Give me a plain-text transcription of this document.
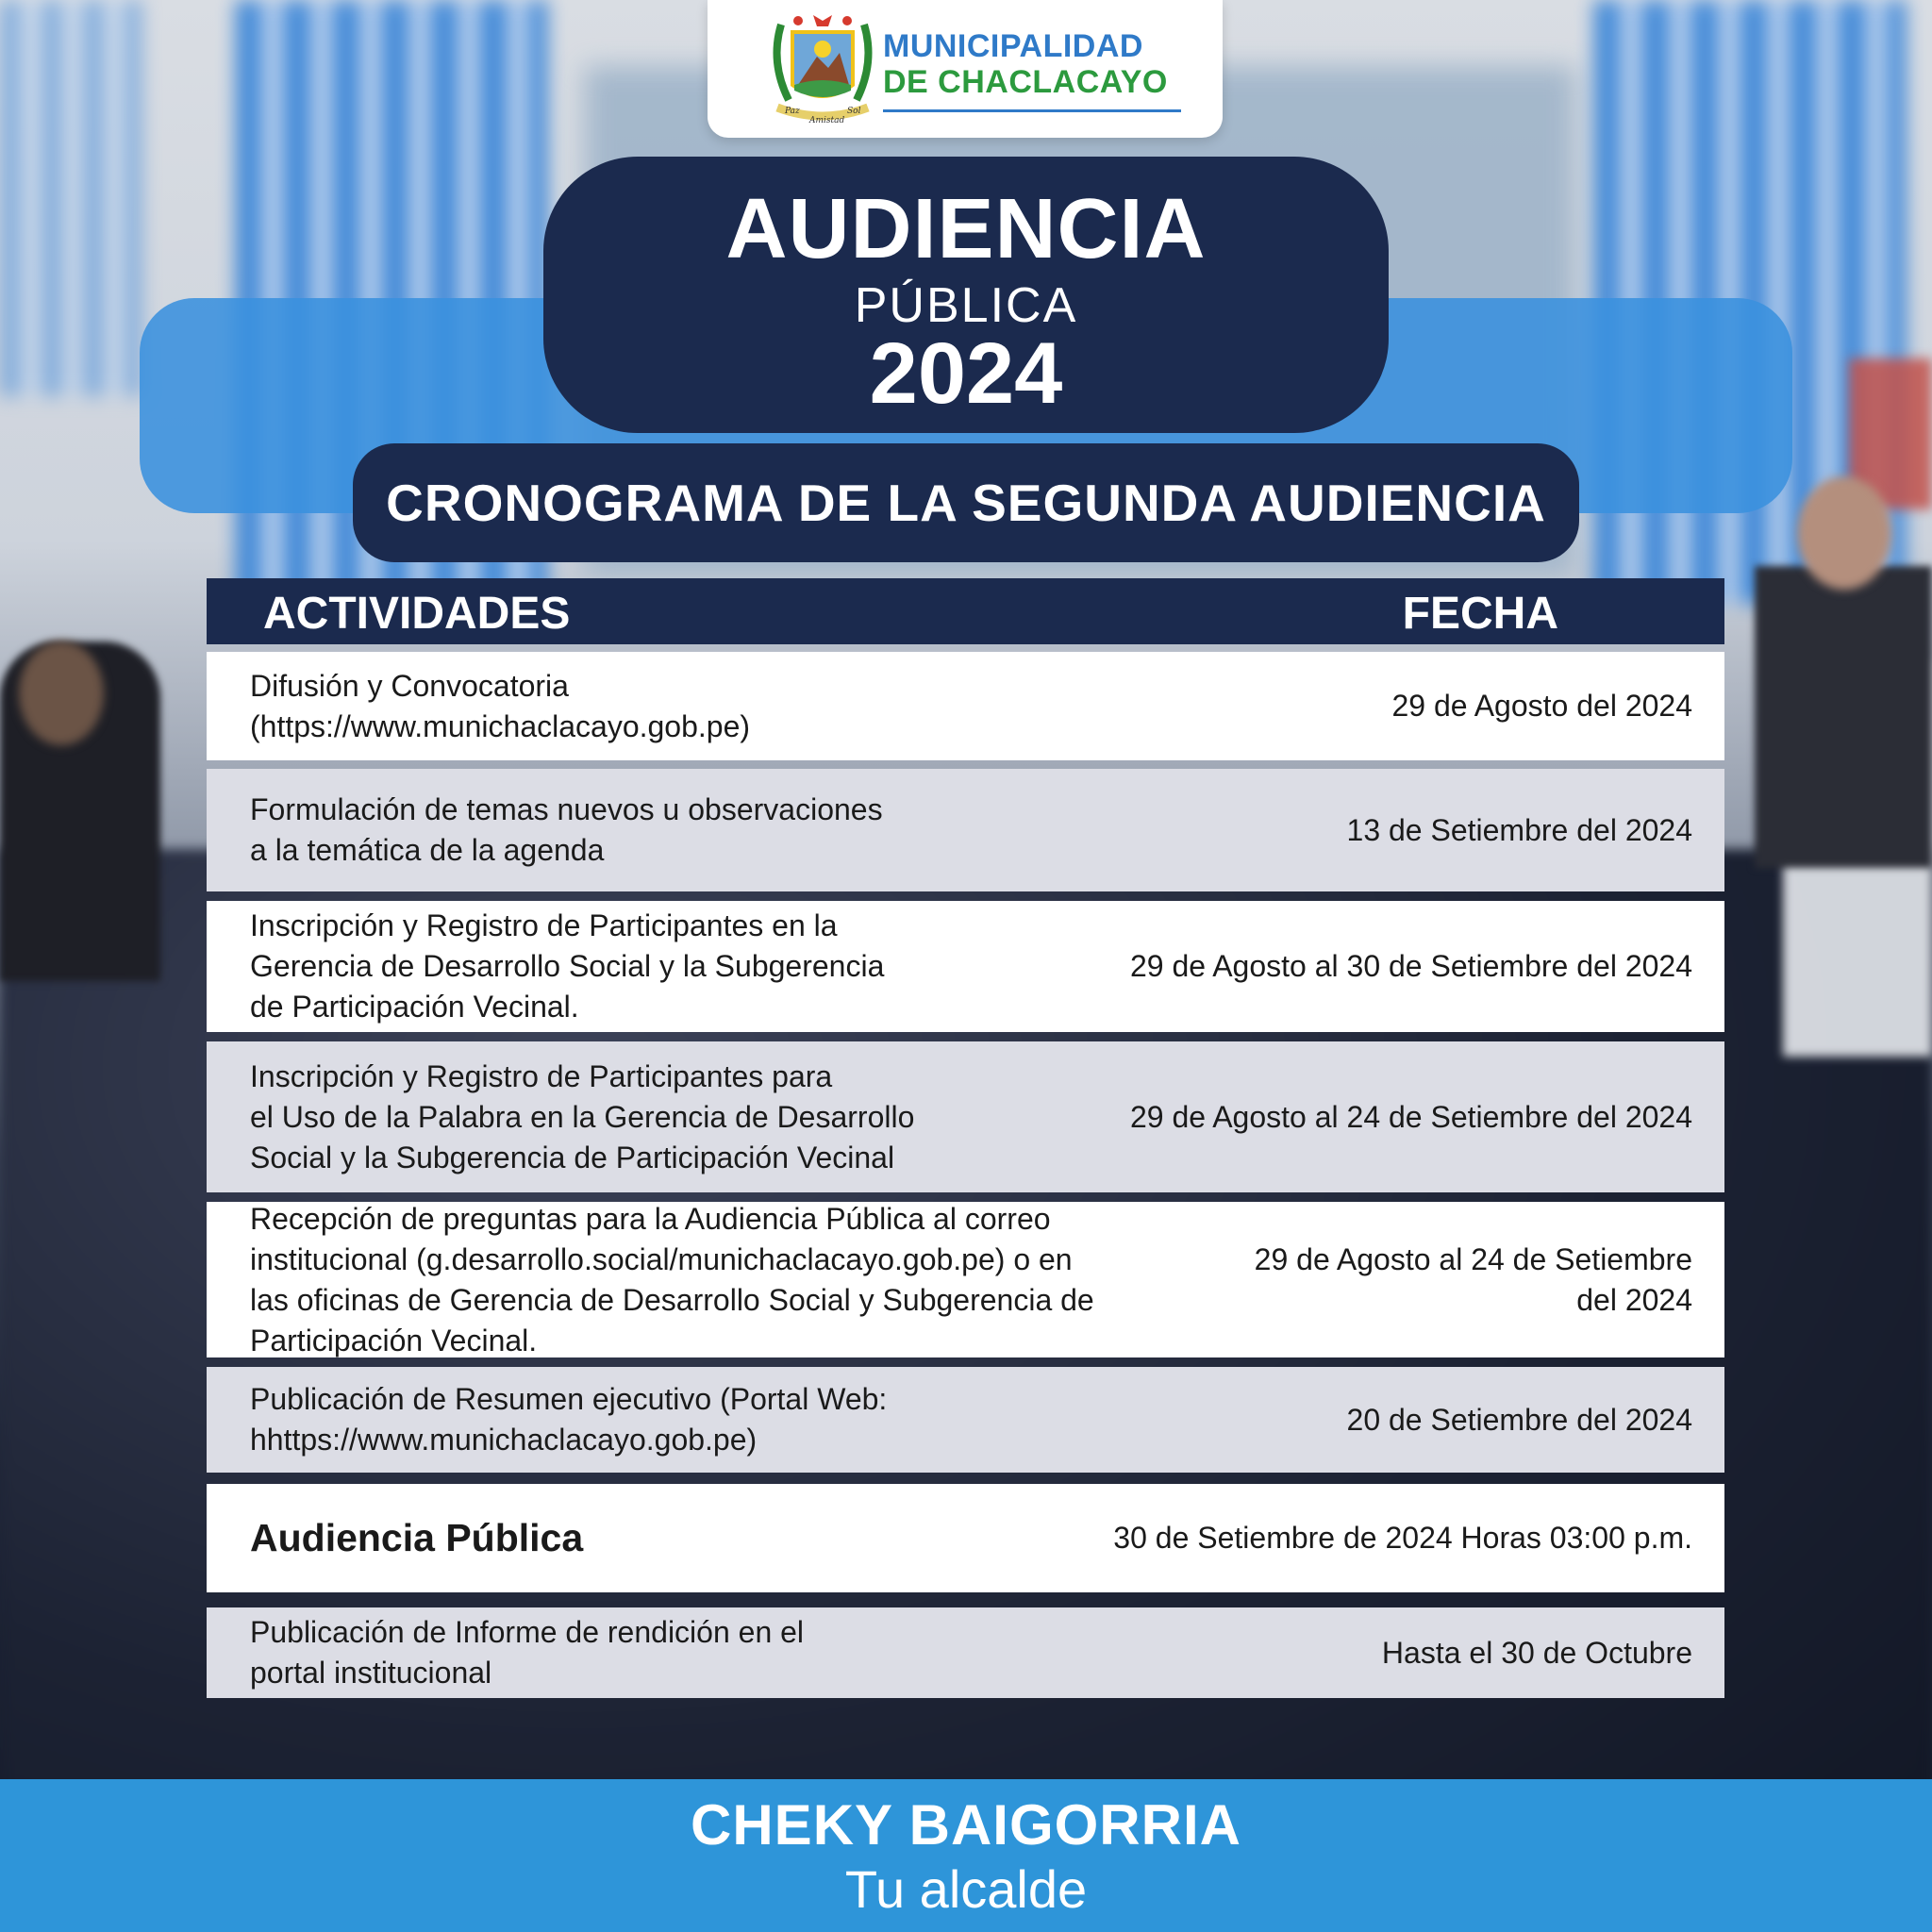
Paz
Amistad
Sol
MUNICIPALIDAD
DE CHACLACAYO
AUDIENCIA
PÚBLICA
2024
CRONOGRAMA DE LA SEGUNDA AUDIENCIA
ACTIVIDADES	FECHA
Difusión y Convocatoria
(https://www.munichaclacayo.gob.pe)
29 de Agosto del 2024
Formulación de temas nuevos u observaciones
a la temática de la agenda
13 de Setiembre del 2024
Inscripción y Registro de Participantes en la
Gerencia de Desarrollo Social y la Subgerencia
de Participación Vecinal.
29 de Agosto al 30 de Setiembre del 2024
Inscripción y Registro de Participantes para
el Uso de la Palabra en la Gerencia de Desarrollo
Social y la Subgerencia de Participación Vecinal
29 de Agosto al 24 de Setiembre del 2024
Recepción de preguntas para la Audiencia Pública al correo
institucional (g.desarrollo.social/munichaclacayo.gob.pe) o en
las oficinas de Gerencia de Desarrollo Social y Subgerencia de
Participación Vecinal.
29 de Agosto al 24 de Setiembre
del 2024
Publicación de Resumen ejecutivo (Portal Web:
hhttps://www.munichaclacayo.gob.pe)
20 de Setiembre del 2024
Audiencia Pública	30 de Setiembre de 2024 Horas 03:00 p.m.
Publicación de Informe de rendición en el
portal institucional
Hasta el 30 de Octubre
CHEKY BAIGORRIA
Tu alcalde
